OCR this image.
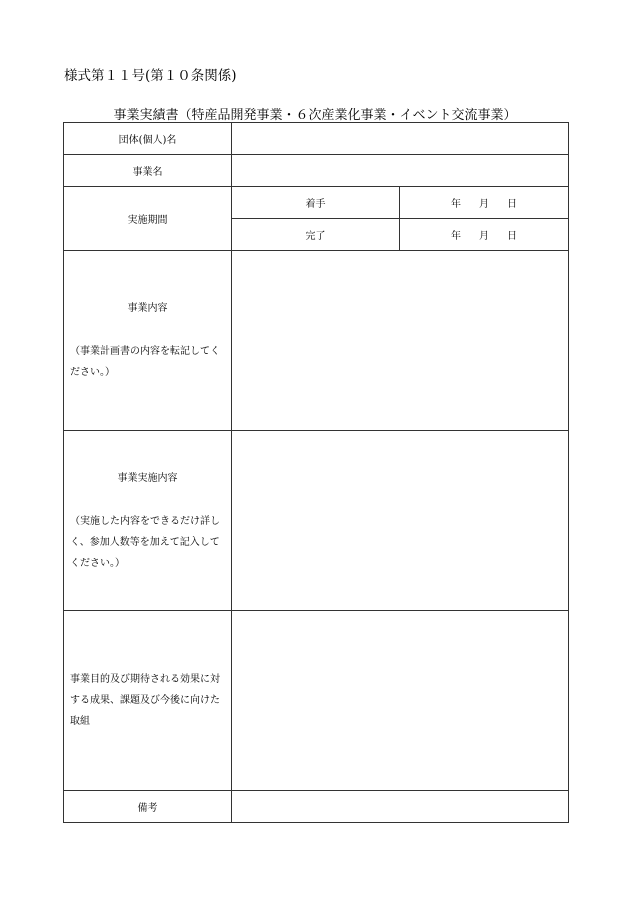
様式第１１号(第１０条関係)
事業実績書（特産品開発事業・６次産業化事業・イベント交流事業）
団体(個人)名		
事業名		
実施期間	着手	年 月 日
	完了	年 月 日

事業内容
（事業計画書の内容を転記してください。）		

事業実施内容
（実施した内容をできるだけ詳しく、参加人数等を加えて記入してください。）		

事業目的及び期待される効果に対する成果、課題及び今後に向けた取組		
備考		
